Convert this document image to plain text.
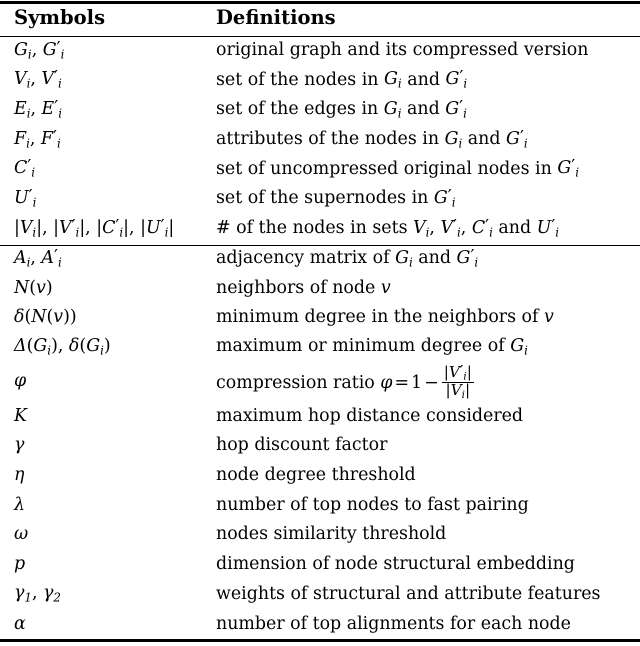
Symbols	Definitions
$G_i$, $G'_i$	original graph and its compressed version
$V_i$, $V'_i$	set of the nodes in $G_i$ and $G'_i$
$E_i$, $E'_i$	set of the edges in $G_i$ and $G'_i$
$F_i$, $F'_i$	attributes of the nodes in $G_i$ and $G'_i$
$C'_i$	set of uncompressed original nodes in $G'_i$
$U'_i$	set of the supernodes in $G'_i$
$|V_i|$, $|V'_i|$, $|C'_i|$, $|U'_i|$	# of the nodes in sets $V_i$, $V'_i$, $C'_i$ and $U'_i$
$A_i$, $A'_i$	adjacency matrix of $G_i$ and $G'_i$
N(v)	neighbors of node v
δ(N(v))	minimum degree in the neighbors of v
$\Delta(G_i)$, $\delta(G_i)$	maximum or minimum degree of $G_i$
φ	compression ratio $\varphi = 1 - \frac{|V'_i|}{|V_i|}$

K	maximum hop distance considered
γ	hop discount factor
η	node degree threshold
λ	number of top nodes to fast pairing
ω	nodes similarity threshold
p	dimension of node structural embedding
$\gamma_1$, $\gamma_2$	weights of structural and attribute features
α	number of top alignments for each node
